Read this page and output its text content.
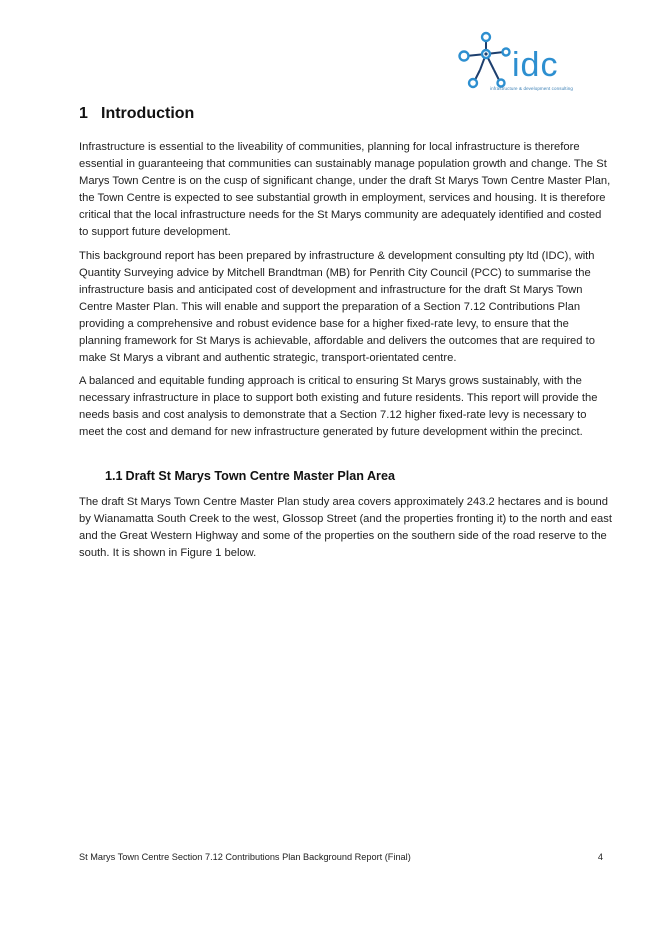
idc
infrastructure & development consulting
1 Introduction

Infrastructure is essential to the liveability of communities, planning for local infrastructure is therefore essential in guaranteeing that communities can sustainably manage population growth and change. The St Marys Town Centre is on the cusp of significant change, under the draft St Marys Town Centre Master Plan, the Town Centre is expected to see substantial growth in employment, services and housing. It is therefore critical that the local infrastructure needs for the St Marys community are adequately identified and costed to support future development.

This background report has been prepared by infrastructure & development consulting pty ltd (IDC), with Quantity Surveying advice by Mitchell Brandtman (MB) for Penrith City Council (PCC) to summarise the infrastructure basis and anticipated cost of development and infrastructure for the draft St Marys Town Centre Master Plan. This will enable and support the preparation of a Section 7.12 Contributions Plan providing a comprehensive and robust evidence base for a higher fixed-rate levy, to ensure that the planning framework for St Marys is achievable, affordable and delivers the outcomes that are required to make St Marys a vibrant and authentic strategic, transport-orientated centre.

A balanced and equitable funding approach is critical to ensuring St Marys grows sustainably, with the necessary infrastructure in place to support both existing and future residents. This report will provide the needs basis and cost analysis to demonstrate that a Section 7.12 higher fixed-rate levy is necessary to meet the cost and demand for new infrastructure generated by future development within the precinct.

1.1 Draft St Marys Town Centre Master Plan Area

The draft St Marys Town Centre Master Plan study area covers approximately 243.2 hectares and is bound by Wianamatta South Creek to the west, Glossop Street (and the properties fronting it) to the north and east and the Great Western Highway and some of the properties on the southern side of the road reserve to the south. It is shown in Figure 1 below.

St Marys Town Centre Section 7.12 Contributions Plan Background Report (Final)	4
